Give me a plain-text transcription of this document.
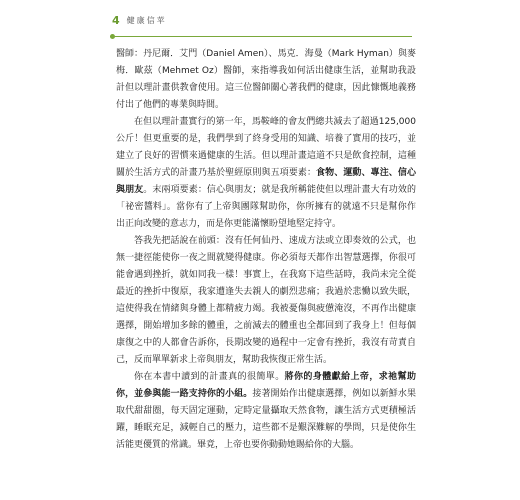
4 健康信苹

醫師：丹尼爾．艾門（Daniel Amen）、馬克．海曼（Mark Hyman）與麥梅．歐茲（Mehmet Oz）醫師，來指導我如何活出健康生活，並幫助我設計但以理計畫供教會使用。這三位醫師關心著我們的健康，因此慷慨地義務付出了他們的專業與時間。

在但以理計畫實行的第一年，馬鞍峰的會友們總共減去了超過125,000公斤！但更重要的是，我們學到了終身受用的知識、培養了實用的技巧，並建立了良好的習慣來過健康的生活。但以理計畫這道不只是飲食控制，這種關於生活方式的計畫乃基於聖經原則與五項要素：食物、運動、專注、信心與朋友。末兩項要素：信心與朋友；就是我所稱能使但以理計畫大有功效的「祕密醬料」。當你有了上帝與團隊幫助你，你所擁有的就遠不只是幫你作出正向改變的意志力，而是你更能滿懷盼望地堅定持守。

答我先把話說在前頭：沒有任何仙丹、速成方法或立即奏效的公式，也無一捷徑能使你一夜之間就變得健康。你必須每天都作出智慧選擇，你很可能會遇到挫折，就如同我一樣！事實上，在我寫下這些話時，我尚未完全從最近的挫折中復原，我家遭逢失去親人的劇烈悲痛；我過於悲慟以致失眠，這使得我在情緒與身體上都精疲力竭。我被憂傷與疲憊淹沒，不再作出健康選擇，開始增加多餘的體重，之前減去的體重也全都回到了我身上！但每個康復之中的人都會告訴你，長期改變的過程中一定會有挫折，我沒有苛責自己，反而單單新求上帝與朋友，幫助我恢復正常生活。

你在本書中讀到的計畫真的很簡單。將你的身體獻給上帝，求祂幫助你，並參與能一路支持你的小組。接著開始作出健康選擇，例如以新鮮水果取代甜甜圈，每天固定運動，定時定量攝取天然食物，讓生活方式更積極活躍，睡眠充足，減輕自己的壓力，這些都不是艱深難解的學問，只是使你生活能更優質的常識。畢竟，上帝也要你動動她賜給你的大腦。
